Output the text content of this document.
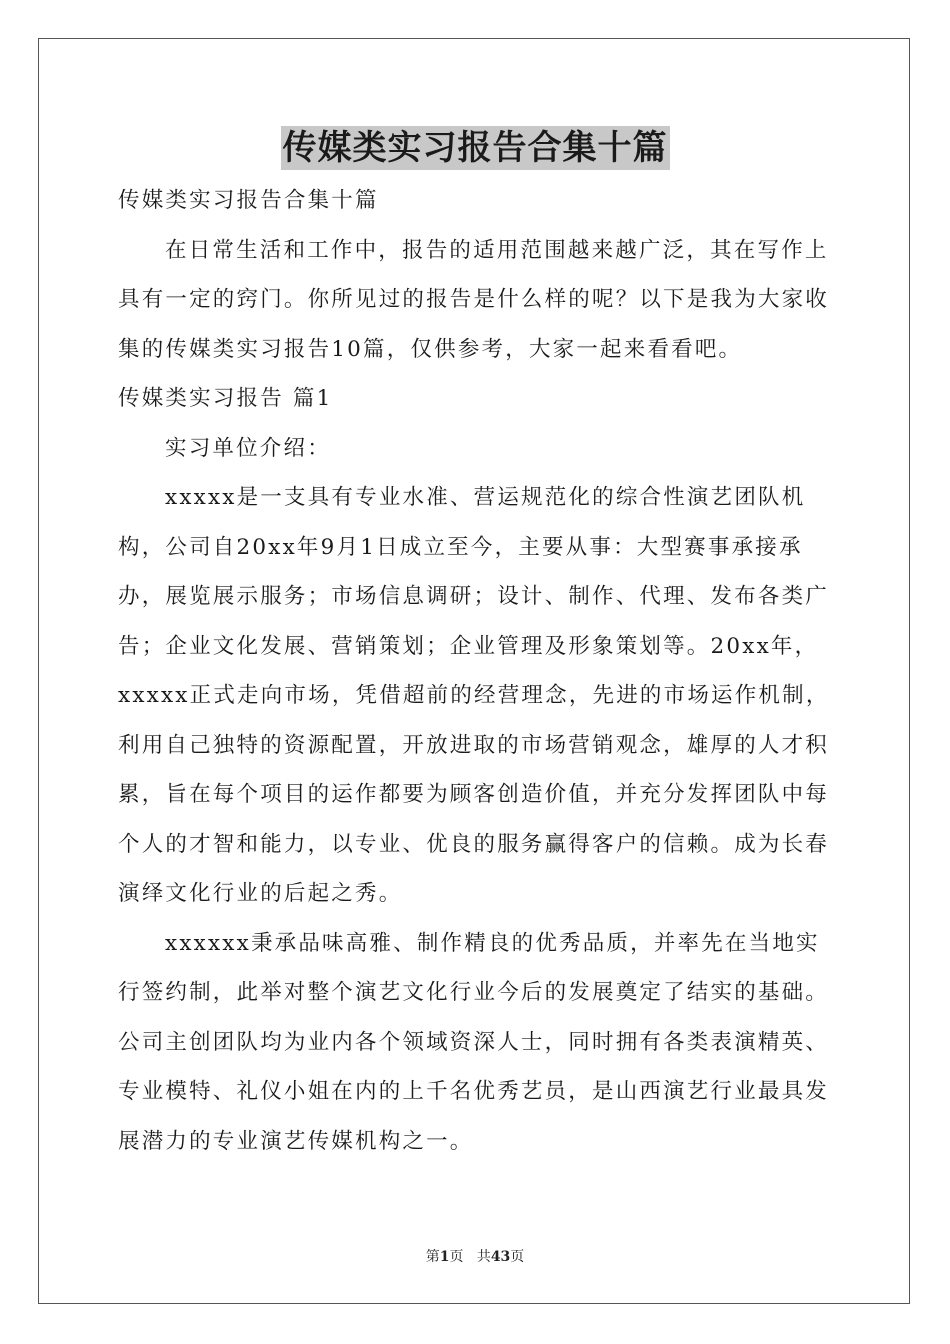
传媒类实习报告合集十篇

传媒类实习报告合集十篇

在日常生活和工作中，报告的适用范围越来越广泛，其在写作上具有一定的窍门。你所见过的报告是什么样的呢？以下是我为大家收集的传媒类实习报告10篇，仅供参考，大家一起来看看吧。

传媒类实习报告 篇1

实习单位介绍：

xxxxx是一支具有专业水准、营运规范化的综合性演艺团队机构，公司自20xx年9月1日成立至今，主要从事：大型赛事承接承办，展览展示服务；市场信息调研；设计、制作、代理、发布各类广告；企业文化发展、营销策划；企业管理及形象策划等。20xx年，xxxxx正式走向市场，凭借超前的经营理念，先进的市场运作机制，利用自己独特的资源配置，开放进取的市场营销观念，雄厚的人才积累，旨在每个项目的运作都要为顾客创造价值，并充分发挥团队中每个人的才智和能力，以专业、优良的服务赢得客户的信赖。成为长春演绎文化行业的后起之秀。

xxxxxx秉承品味高雅、制作精良的优秀品质，并率先在当地实行签约制，此举对整个演艺文化行业今后的发展奠定了结实的基础。公司主创团队均为业内各个领域资深人士，同时拥有各类表演精英、专业模特、礼仪小姐在内的上千名优秀艺员，是山西演艺行业最具发展潜力的专业演艺传媒机构之一。

第1页 共43页
